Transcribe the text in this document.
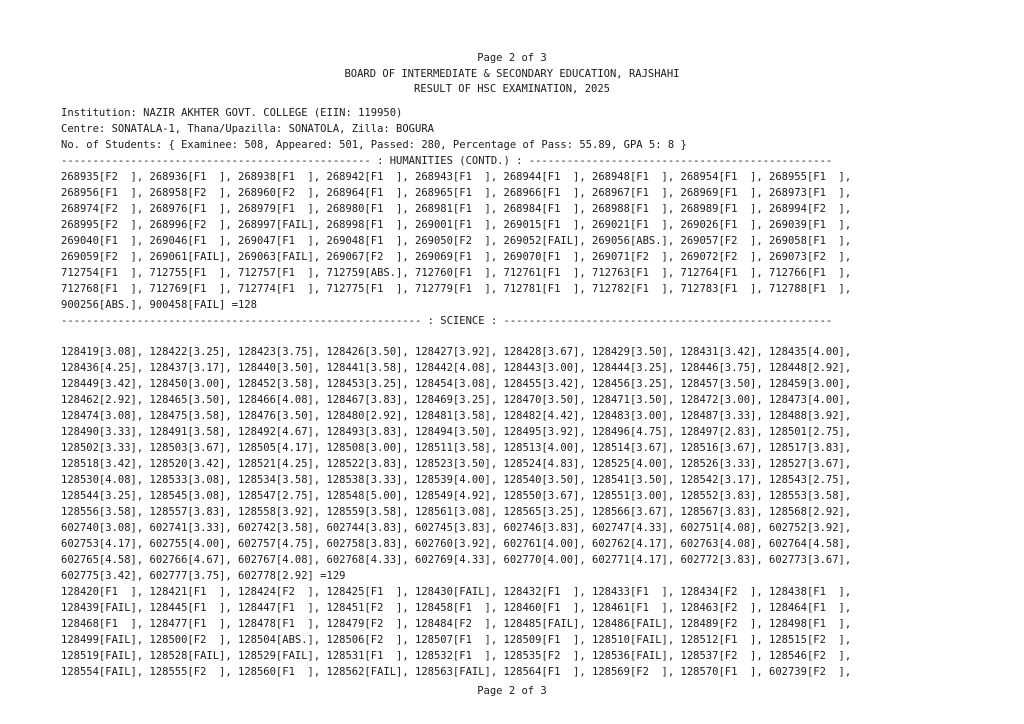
Page 2 of 3
BOARD OF INTERMEDIATE & SECONDARY EDUCATION, RAJSHAHI
RESULT OF HSC EXAMINATION, 2025
Institution: NAZIR AKHTER GOVT. COLLEGE (EIIN: 119950)
Centre: SONATALA-1, Thana/Upazilla: SONATOLA, Zilla: BOGURA
No. of Students: { Examinee: 508, Appeared: 501, Passed: 280, Percentage of Pass: 55.89, GPA 5: 8 }
------------------------------------------------- : HUMANITIES (CONTD.) : ------------------------------------------------
268935[F2  ], 268936[F1  ], 268938[F1  ], 268942[F1  ], 268943[F1  ], 268944[F1  ], 268948[F1  ], 268954[F1  ], 268955[F1  ],
268956[F1  ], 268958[F2  ], 268960[F2  ], 268964[F1  ], 268965[F1  ], 268966[F1  ], 268967[F1  ], 268969[F1  ], 268973[F1  ],
268974[F2  ], 268976[F1  ], 268979[F1  ], 268980[F1  ], 268981[F1  ], 268984[F1  ], 268988[F1  ], 268989[F1  ], 268994[F2  ],
268995[F2  ], 268996[F2  ], 268997[FAIL], 268998[F1  ], 269001[F1  ], 269015[F1  ], 269021[F1  ], 269026[F1  ], 269039[F1  ],
269040[F1  ], 269046[F1  ], 269047[F1  ], 269048[F1  ], 269050[F2  ], 269052[FAIL], 269056[ABS.], 269057[F2  ], 269058[F1  ],
269059[F2  ], 269061[FAIL], 269063[FAIL], 269067[F2  ], 269069[F1  ], 269070[F1  ], 269071[F2  ], 269072[F2  ], 269073[F2  ],
712754[F1  ], 712755[F1  ], 712757[F1  ], 712759[ABS.], 712760[F1  ], 712761[F1  ], 712763[F1  ], 712764[F1  ], 712766[F1  ],
712768[F1  ], 712769[F1  ], 712774[F1  ], 712775[F1  ], 712779[F1  ], 712781[F1  ], 712782[F1  ], 712783[F1  ], 712788[F1  ],
900256[ABS.], 900458[FAIL] =128
--------------------------------------------------------- : SCIENCE : ----------------------------------------------------
128419[3.08], 128422[3.25], 128423[3.75], 128426[3.50], 128427[3.92], 128428[3.67], 128429[3.50], 128431[3.42], 128435[4.00],
128436[4.25], 128437[3.17], 128440[3.50], 128441[3.58], 128442[4.08], 128443[3.00], 128444[3.25], 128446[3.75], 128448[2.92],
128449[3.42], 128450[3.00], 128452[3.58], 128453[3.25], 128454[3.08], 128455[3.42], 128456[3.25], 128457[3.50], 128459[3.00],
128462[2.92], 128465[3.50], 128466[4.08], 128467[3.83], 128469[3.25], 128470[3.50], 128471[3.50], 128472[3.00], 128473[4.00],
128474[3.08], 128475[3.58], 128476[3.50], 128480[2.92], 128481[3.58], 128482[4.42], 128483[3.00], 128487[3.33], 128488[3.92],
128490[3.33], 128491[3.58], 128492[4.67], 128493[3.83], 128494[3.50], 128495[3.92], 128496[4.75], 128497[2.83], 128501[2.75],
128502[3.33], 128503[3.67], 128505[4.17], 128508[3.00], 128511[3.58], 128513[4.00], 128514[3.67], 128516[3.67], 128517[3.83],
128518[3.42], 128520[3.42], 128521[4.25], 128522[3.83], 128523[3.50], 128524[4.83], 128525[4.00], 128526[3.33], 128527[3.67],
128530[4.08], 128533[3.08], 128534[3.58], 128538[3.33], 128539[4.00], 128540[3.50], 128541[3.50], 128542[3.17], 128543[2.75],
128544[3.25], 128545[3.08], 128547[2.75], 128548[5.00], 128549[4.92], 128550[3.67], 128551[3.00], 128552[3.83], 128553[3.58],
128556[3.58], 128557[3.83], 128558[3.92], 128559[3.58], 128561[3.08], 128565[3.25], 128566[3.67], 128567[3.83], 128568[2.92],
602740[3.08], 602741[3.33], 602742[3.58], 602744[3.83], 602745[3.83], 602746[3.83], 602747[4.33], 602751[4.08], 602752[3.92],
602753[4.17], 602755[4.00], 602757[4.75], 602758[3.83], 602760[3.92], 602761[4.00], 602762[4.17], 602763[4.08], 602764[4.58],
602765[4.58], 602766[4.67], 602767[4.08], 602768[4.33], 602769[4.33], 602770[4.00], 602771[4.17], 602772[3.83], 602773[3.67],
602775[3.42], 602777[3.75], 602778[2.92] =129
128420[F1  ], 128421[F1  ], 128424[F2  ], 128425[F1  ], 128430[FAIL], 128432[F1  ], 128433[F1  ], 128434[F2  ], 128438[F1  ],
128439[FAIL], 128445[F1  ], 128447[F1  ], 128451[F2  ], 128458[F1  ], 128460[F1  ], 128461[F1  ], 128463[F2  ], 128464[F1  ],
128468[F1  ], 128477[F1  ], 128478[F1  ], 128479[F2  ], 128484[F2  ], 128485[FAIL], 128486[FAIL], 128489[F2  ], 128498[F1  ],
128499[FAIL], 128500[F2  ], 128504[ABS.], 128506[F2  ], 128507[F1  ], 128509[F1  ], 128510[FAIL], 128512[F1  ], 128515[F2  ],
128519[FAIL], 128528[FAIL], 128529[FAIL], 128531[F1  ], 128532[F1  ], 128535[F2  ], 128536[FAIL], 128537[F2  ], 128546[F2  ],
128554[FAIL], 128555[F2  ], 128560[F1  ], 128562[FAIL], 128563[FAIL], 128564[F1  ], 128569[F2  ], 128570[F1  ], 602739[F2  ],
Page 2 of 3
